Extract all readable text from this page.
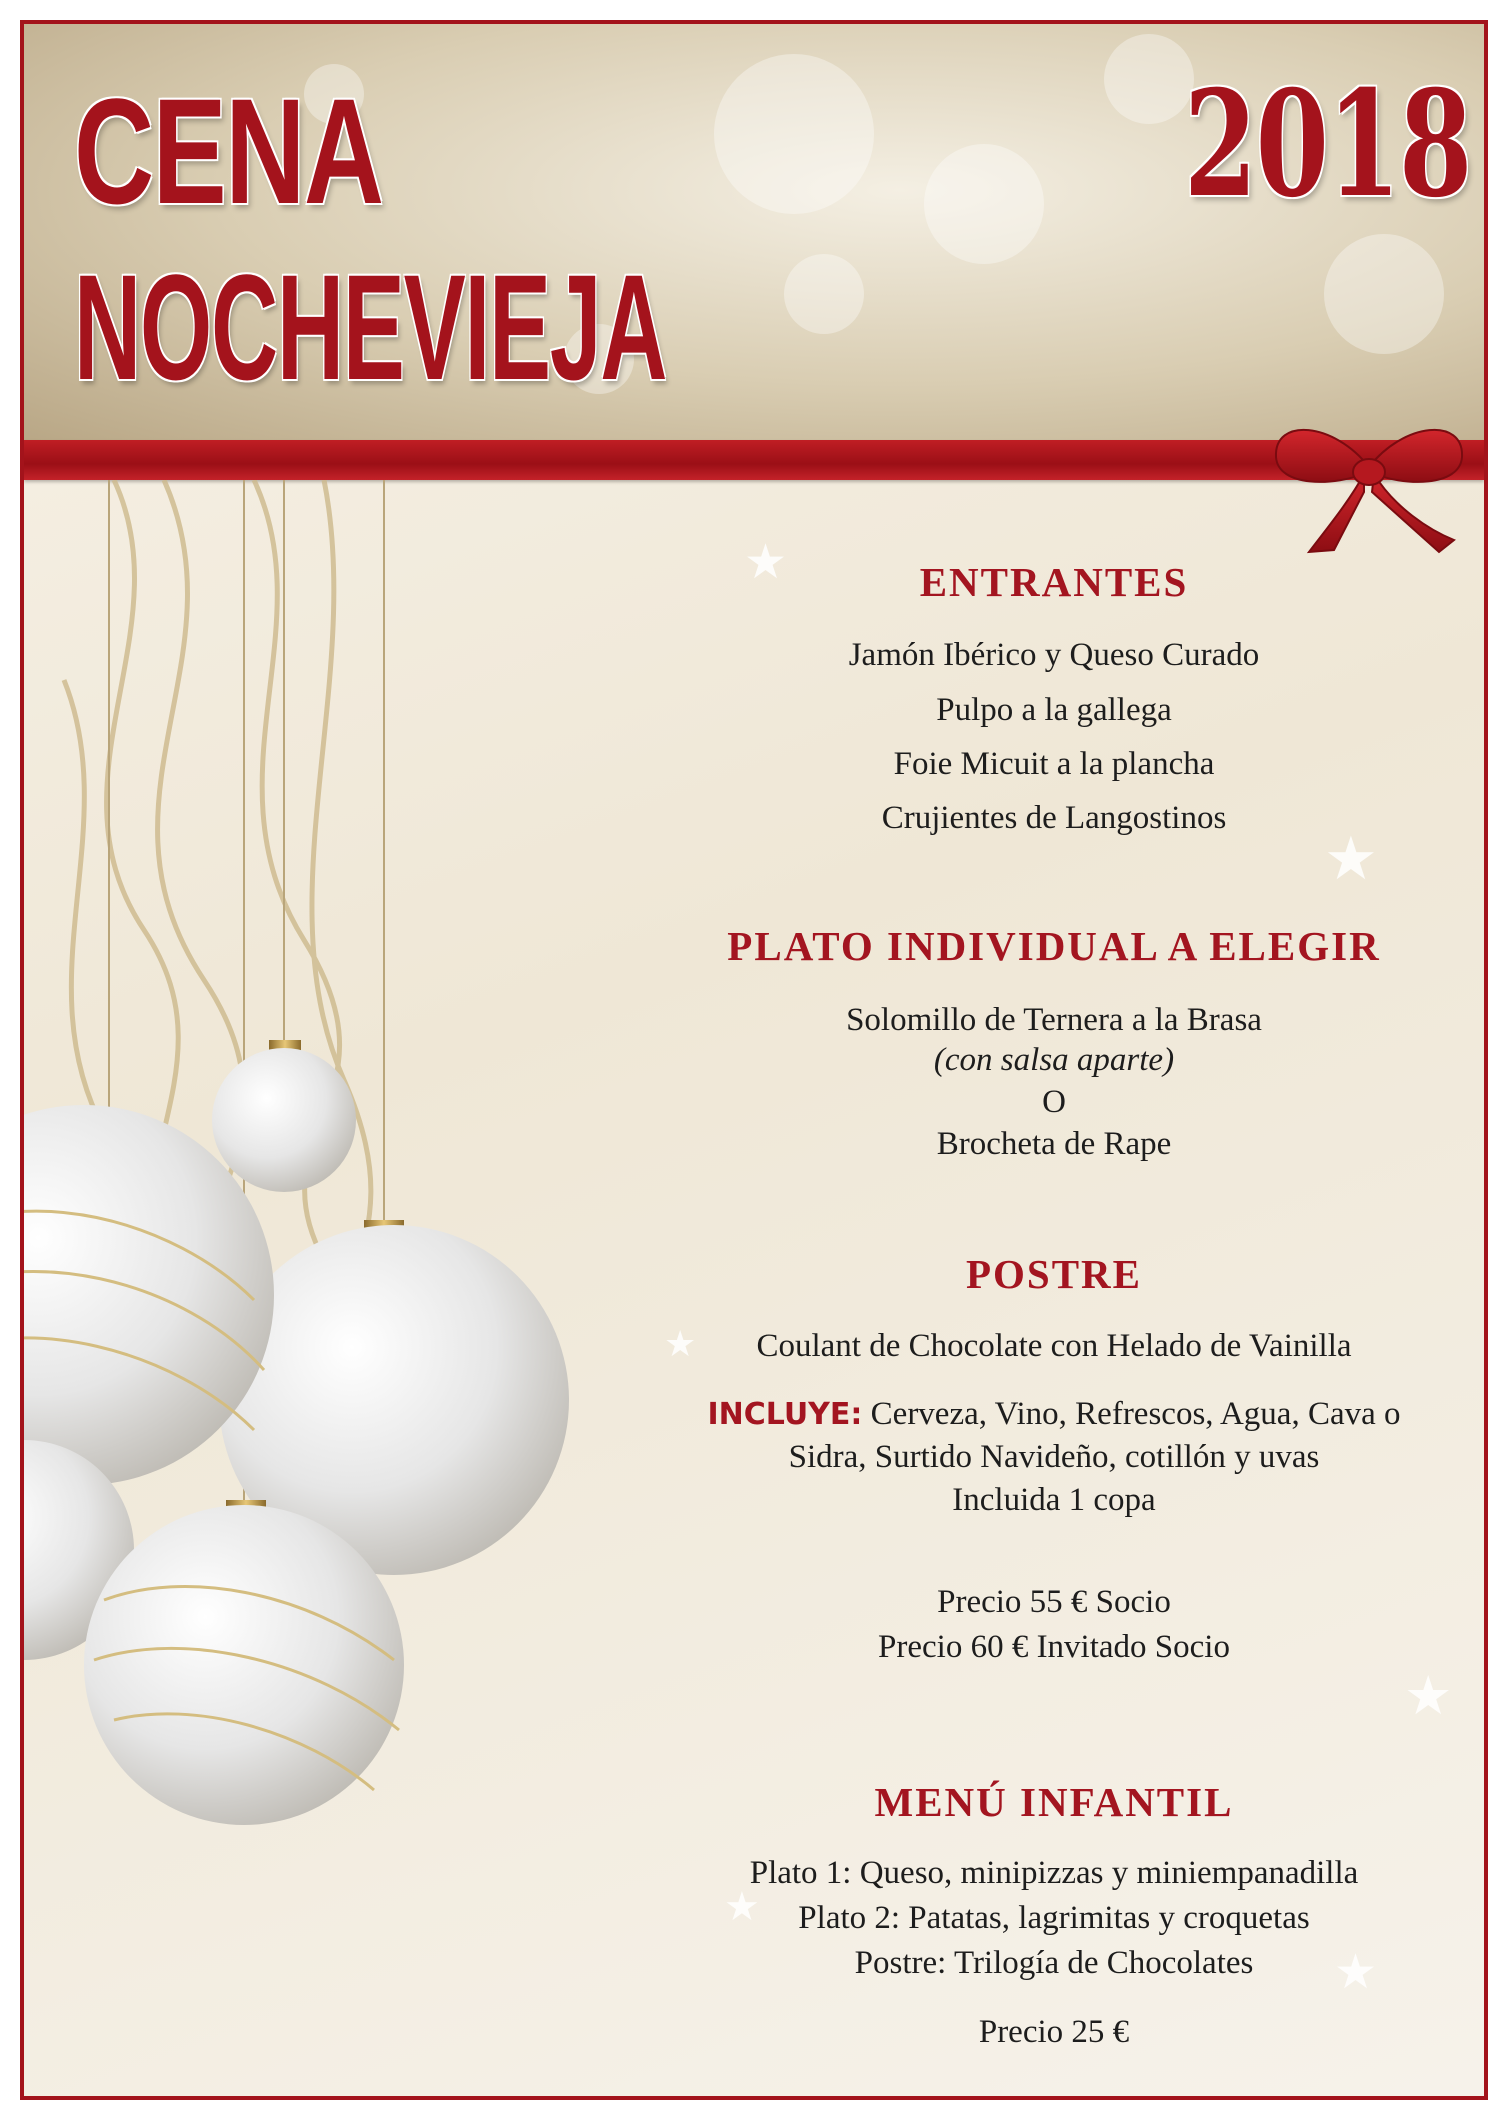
CENA
NOCHEVIEJA
2018
★
★
★
★
★
★
ENTRANTES
Jamón Ibérico y Queso Curado
Pulpo a la gallega
Foie Micuit a la plancha
Crujientes de Langostinos
PLATO INDIVIDUAL A ELEGIR
Solomillo de Ternera a la Brasa
(con salsa aparte)
O
Brocheta de Rape
POSTRE
Coulant de Chocolate con Helado de Vainilla
INCLUYE: Cerveza, Vino, Refrescos, Agua, Cava o
Sidra, Surtido Navideño, cotillón y uvas
Incluida 1 copa
Precio 55 € Socio
Precio 60 € Invitado Socio
MENÚ INFANTIL
Plato 1: Queso, minipizzas y miniempanadilla
Plato 2: Patatas, lagrimitas y croquetas
Postre: Trilogía de Chocolates
Precio 25 €
